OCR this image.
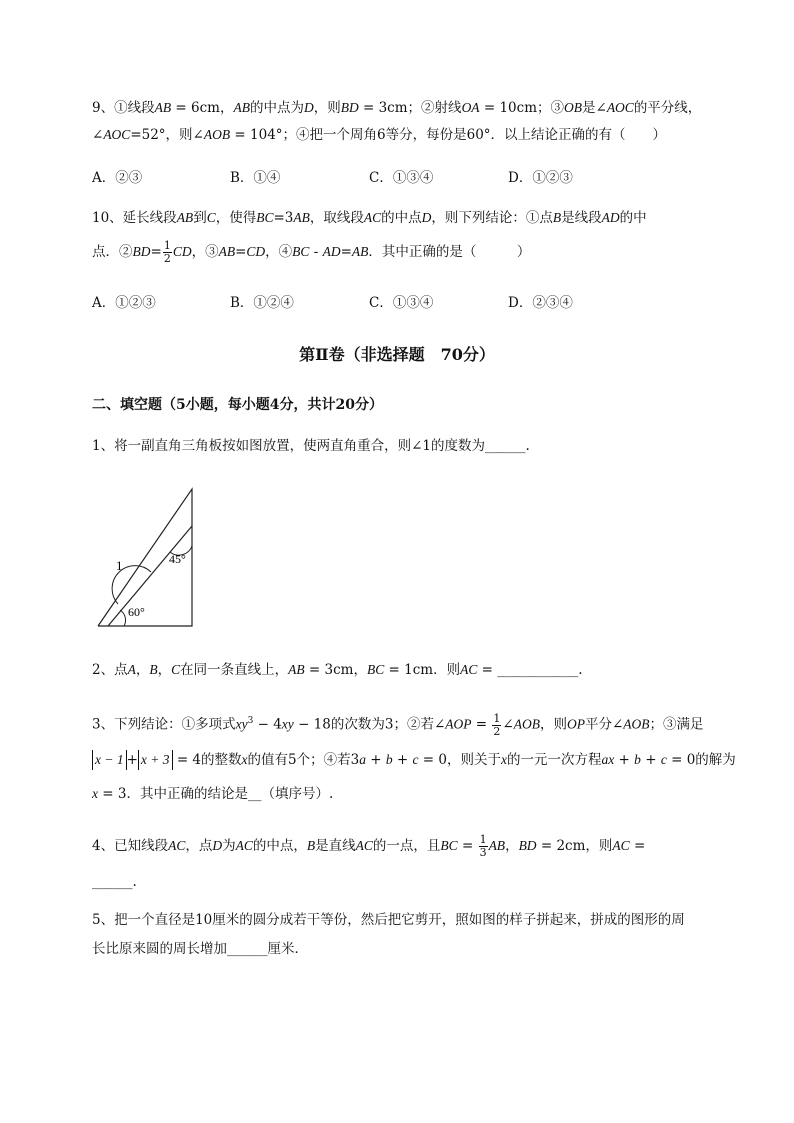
9、①线段AB = 6cm，AB的中点为D，则BD = 3cm；②射线OA = 10cm；③OB是∠AOC的平分线，
∠AOC=52°，则∠AOB = 104°；④把一个周角6等分，每份是60°．以上结论正确的有（　　）
A．②③	B．①④	C．①③④	D．①②③
10、延长线段AB到C，使得BC=3AB，取线段AC的中点D，则下列结论：①点B是线段AD的中
点．②BD= $\frac{1}{2}$ CD，③AB=CD，④BC - AD=AB．其中正确的是（　　　）
A．①②③	B．①②④	C．①③④	D．②③④
第Ⅱ卷（非选择题　70分）
二、填空题（5小题，每小题4分，共计20分）
1、将一副直角三角板按如图放置，使两直角重合，则∠1的度数为______.
1	45°
60°
2、点A，B，C在同一条直线上，AB = 3cm，BC = 1cm．则AC = ____________.
3、下列结论：①多项式$xy^3 - 4xy - 18$的次数为3；②若∠AOP = $\frac{1}{2}$ ∠AOB，则OP平分∠AOB；③满足
x − 1 + x + 3 = 4的整数x的值有5个；④若3a + b + c = 0，则关于x的一元一次方程ax + b + c = 0的解为
x = 3．其中正确的结论是__（填序号）.
4、已知线段AC，点D为AC的中点，B是直线AC的一点，且BC = $\frac{1}{3}$ AB，BD = 2cm，则AC =
______.
5、把一个直径是10厘米的圆分成若干等份，然后把它剪开，照如图的样子拼起来，拼成的图形的周
长比原来圆的周长增加______厘米．
